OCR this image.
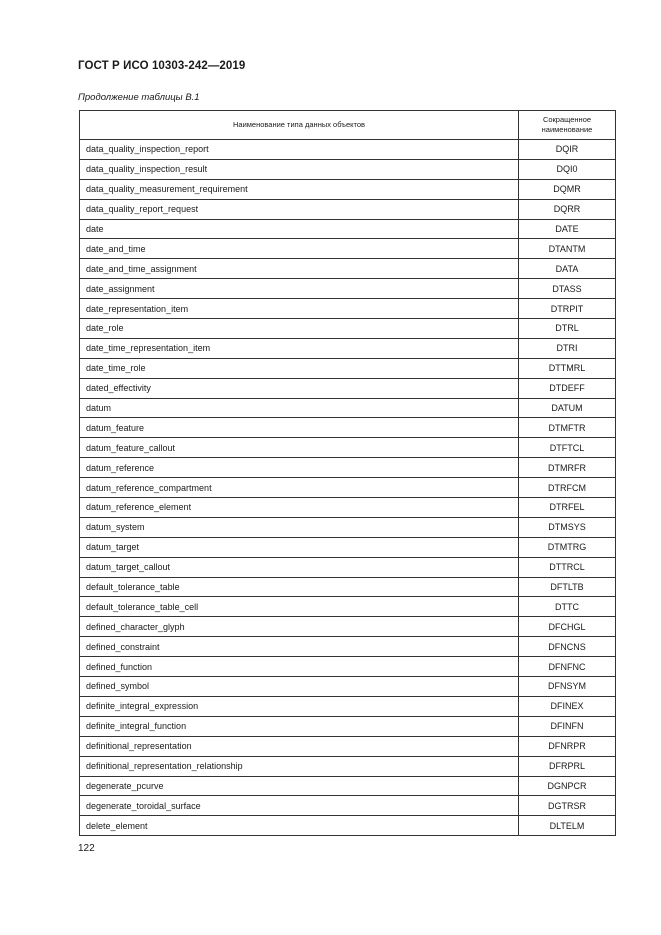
ГОСТ Р ИСО 10303-242—2019
Продолжение таблицы B.1
Наименование типа данных объектов	Сокращенное
наименование
data_quality_inspection_report	DQIR
data_quality_inspection_result	DQI0
data_quality_measurement_requirement	DQMR
data_quality_report_request	DQRR
date	DATE
date_and_time	DTANTM
date_and_time_assignment	DATA
date_assignment	DTASS
date_representation_item	DTRPIT
date_role	DTRL
date_time_representation_item	DTRI
date_time_role	DTTMRL
dated_effectivity	DTDEFF
datum	DATUM
datum_feature	DTMFTR
datum_feature_callout	DTFTCL
datum_reference	DTMRFR
datum_reference_compartment	DTRFCM
datum_reference_element	DTRFEL
datum_system	DTMSYS
datum_target	DTMTRG
datum_target_callout	DTTRCL
default_tolerance_table	DFTLTB
default_tolerance_table_cell	DTTC
defined_character_glyph	DFCHGL
defined_constraint	DFNCNS
defined_function	DFNFNC
defined_symbol	DFNSYM
definite_integral_expression	DFINEX
definite_integral_function	DFINFN
definitional_representation	DFNRPR
definitional_representation_relationship	DFRPRL
degenerate_pcurve	DGNPCR
degenerate_toroidal_surface	DGTRSR
delete_element	DLTELM
122
